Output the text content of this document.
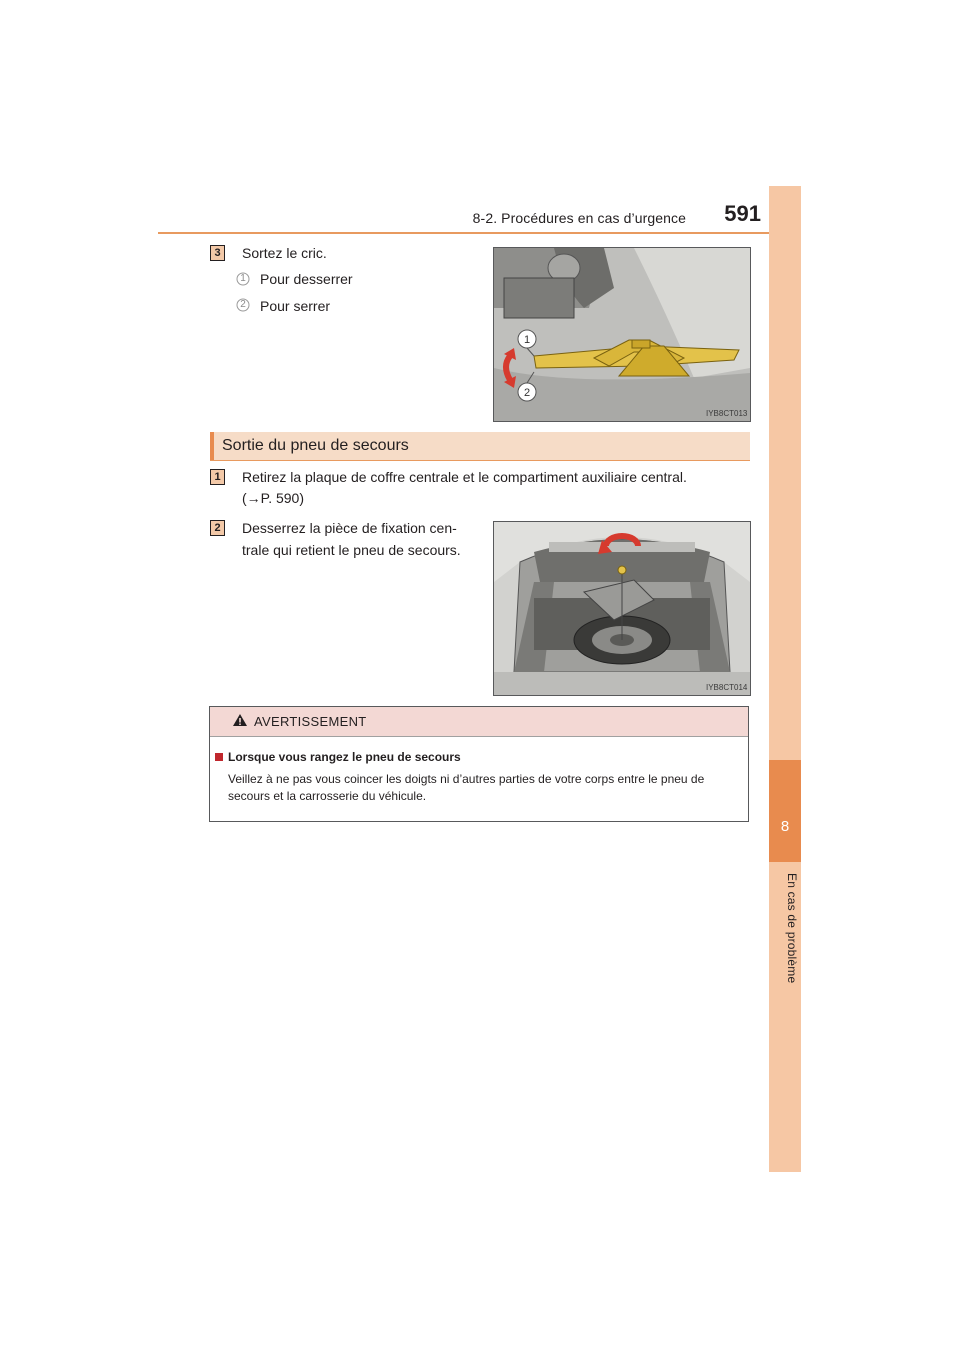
8-2. Procédures en cas d’urgence	591
8
En cas de problème
3	Sortez le cric.
1	Pour desserrer
2	Pour serrer
1
2
IYB8CT013
Sortie du pneu de secours
1	Retirez la plaque de coffre centrale et le compartiment auxiliaire central.
(→P. 590)
2	Desserrez la pièce de fixation cen-
trale qui retient le pneu de secours.
IYB8CT014
AVERTISSEMENT
Lorsque vous rangez le pneu de secours
Veillez à ne pas vous coincer les doigts ni d’autres parties de votre corps entre le pneu de secours et la carrosserie du véhicule.
